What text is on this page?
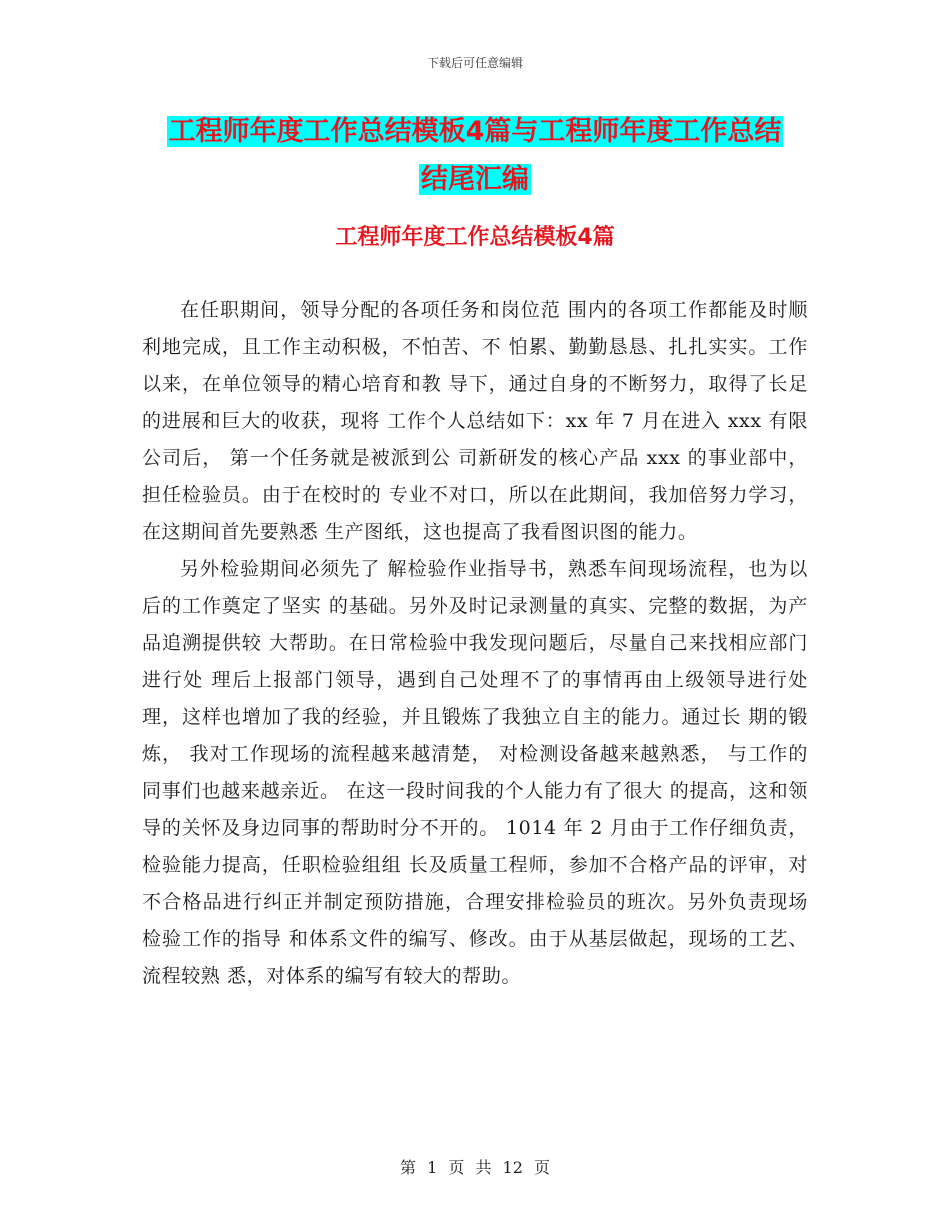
下载后可任意编辑
工程师年度工作总结模板4篇与工程师年度工作总结
结尾汇编
工程师年度工作总结模板4篇

在任职期间，领导分配的各项任务和岗位范 围内的各项工作都能及时顺利地完成，且工作主动积极，不怕苦、不 怕累、勤勤恳恳、扎扎实实。工作以来，在单位领导的精心培育和教 导下，通过自身的不断努力，取得了长足的进展和巨大的收获，现将 工作个人总结如下：xx 年 7 月在进入 xxx 有限公司后， 第一个任务就是被派到公 司新研发的核心产品 xxx 的事业部中，担任检验员。由于在校时的 专业不对口，所以在此期间，我加倍努力学习，在这期间首先要熟悉 生产图纸，这也提高了我看图识图的能力。

另外检验期间必须先了 解检验作业指导书，熟悉车间现场流程，也为以后的工作奠定了坚实 的基础。另外及时记录测量的真实、完整的数据，为产品追溯提供较 大帮助。在日常检验中我发现问题后，尽量自己来找相应部门进行处 理后上报部门领导，遇到自己处理不了的事情再由上级领导进行处 理，这样也增加了我的经验，并且锻炼了我独立自主的能力。通过长 期的锻炼， 我对工作现场的流程越来越清楚， 对检测设备越来越熟悉， 与工作的同事们也越来越亲近。 在这一段时间我的个人能力有了很大 的提高，这和领导的关怀及身边同事的帮助时分不开的。 1014 年 2 月由于工作仔细负责，检验能力提高，任职检验组组 长及质量工程师，参加不合格产品的评审，对不合格品进行纠正并制定预防措施，合理安排检验员的班次。另外负责现场检验工作的指导 和体系文件的编写、修改。由于从基层做起，现场的工艺、流程较熟 悉，对体系的编写有较大的帮助。

第 1 页 共 12 页
